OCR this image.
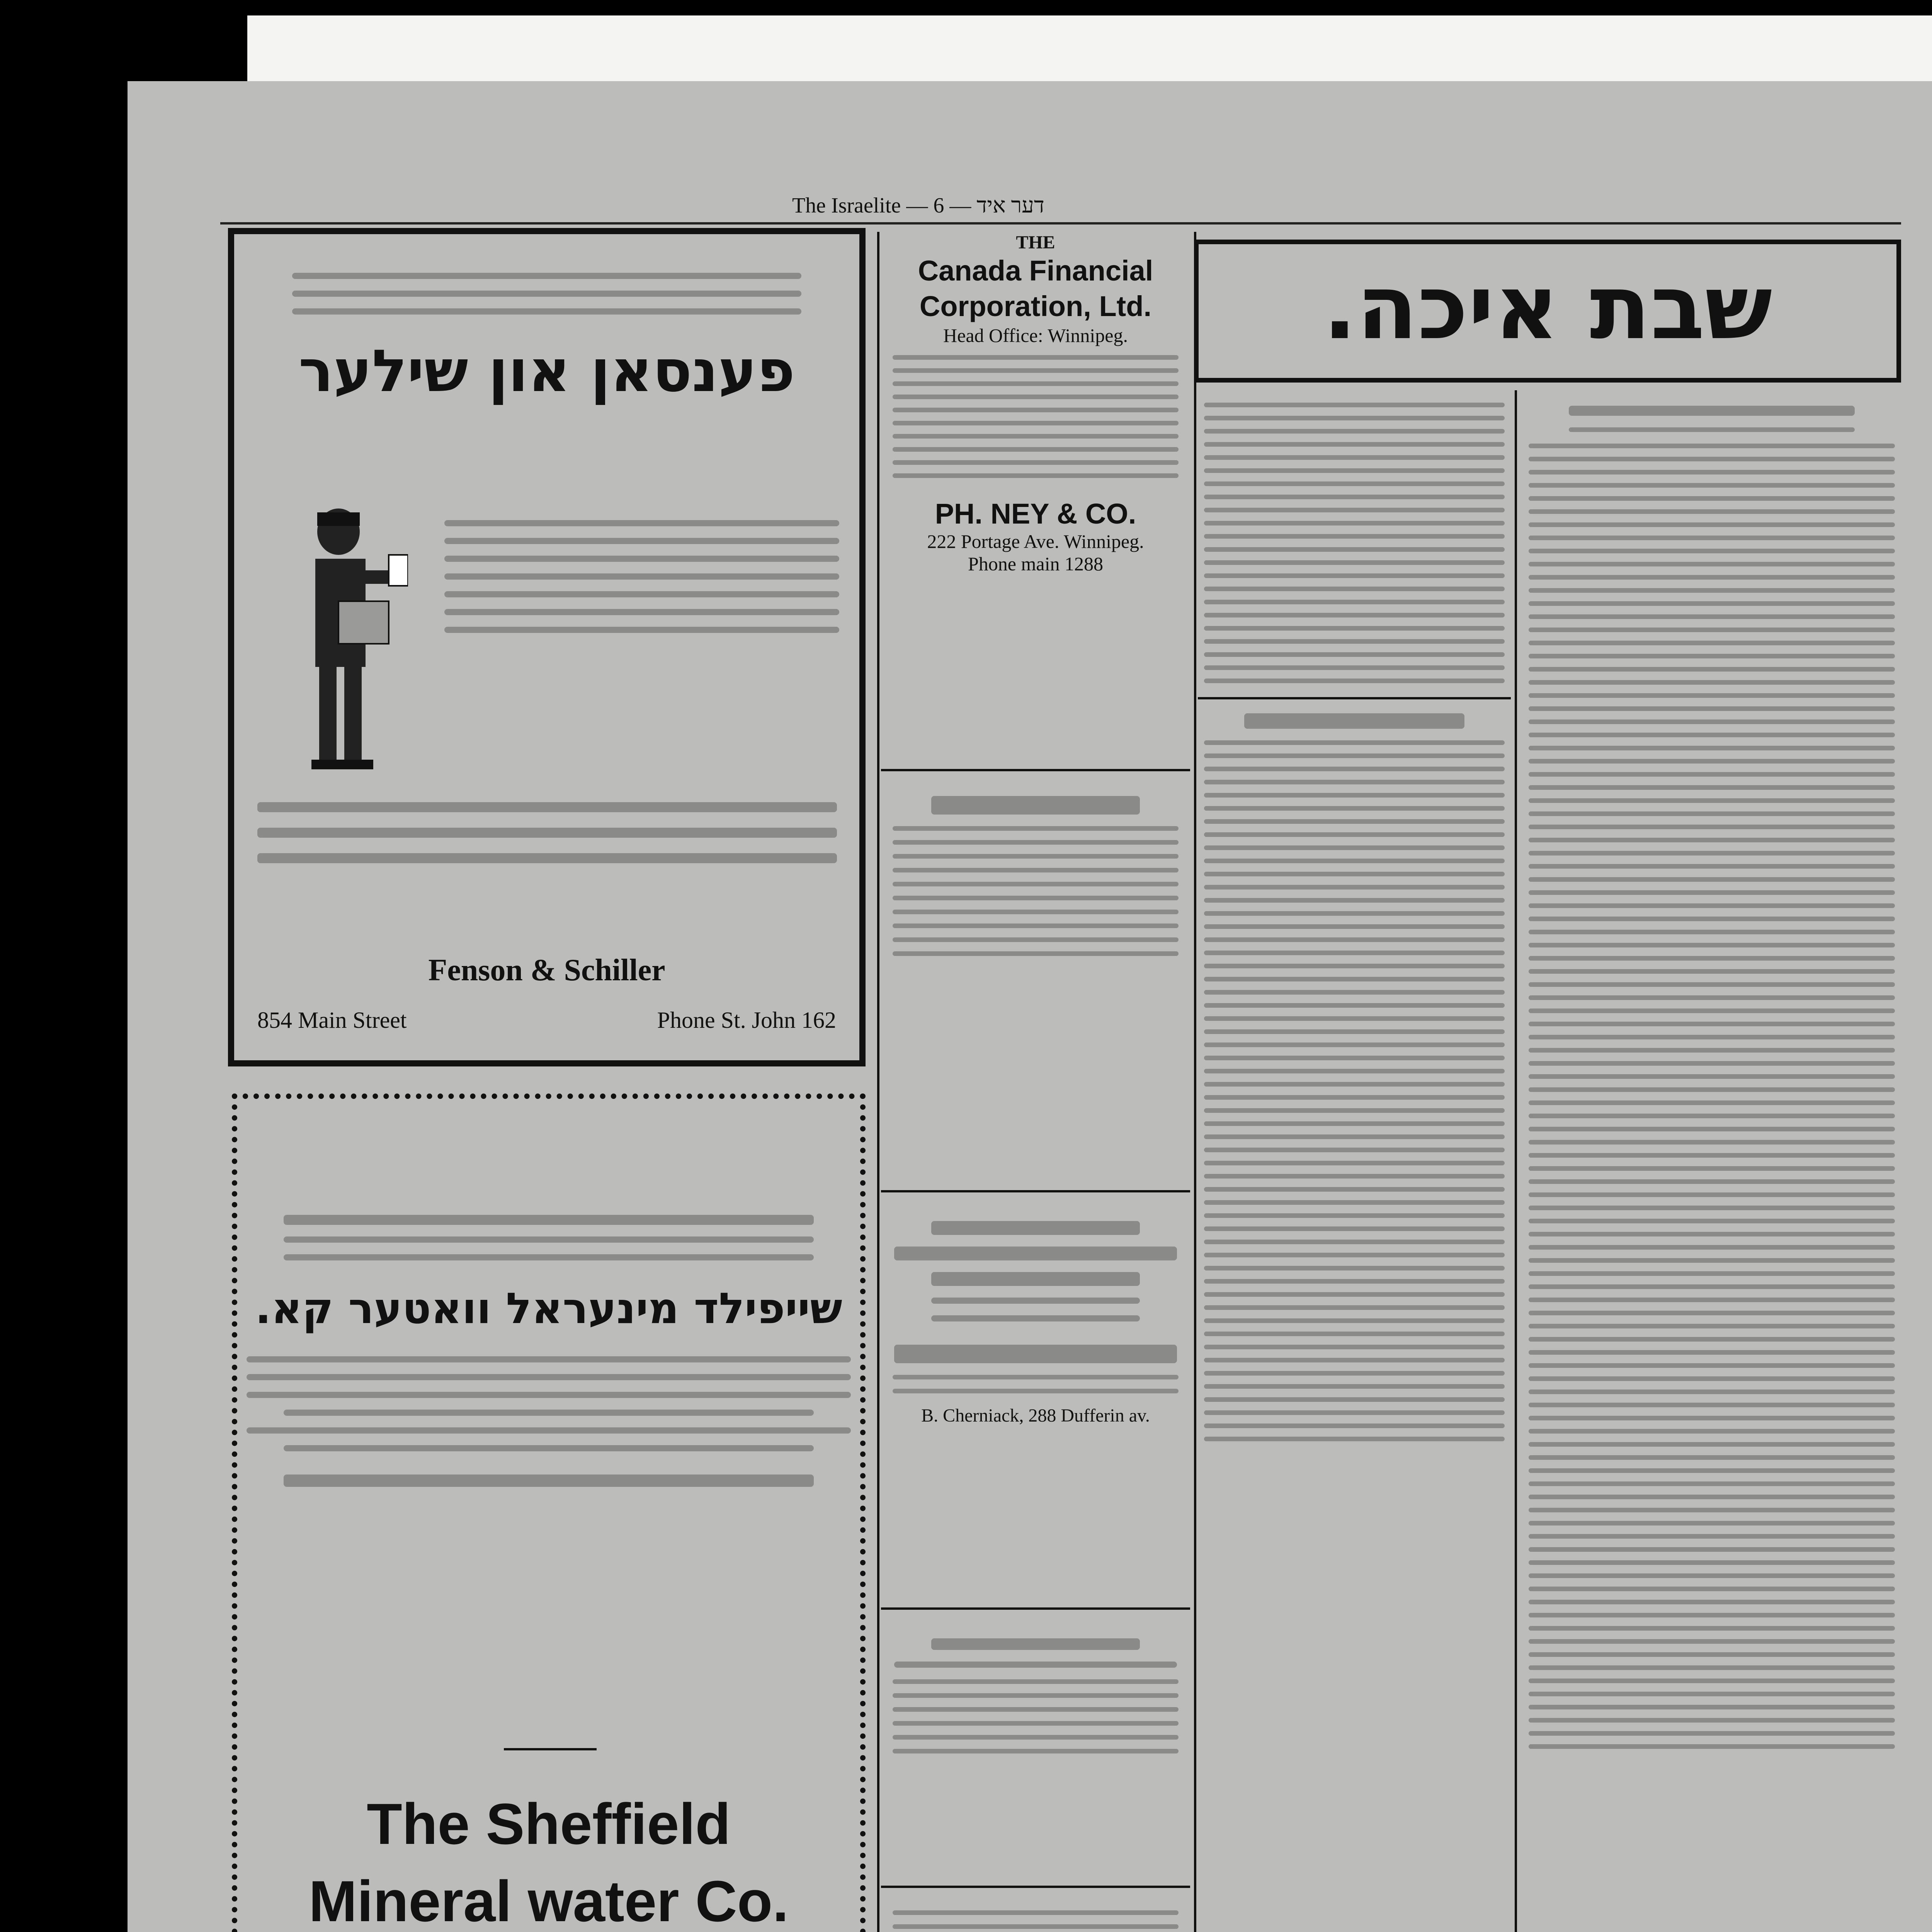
The Israelite — 6 — דער איד
פענסאן און שילער
Fenson & Schiller
854 Main Street	Phone St. John 162
שייפילד מינעראל וואטער קא.
The Sheffield
Mineral water Co.
THE
Canada Financial Corporation, Ltd.
Head Office: Winnipeg.
PH. NEY & CO.
222 Portage Ave. Winnipeg.
Phone main 1288
B. Cherniack, 288 Dufferin av.
שבת איכה.
